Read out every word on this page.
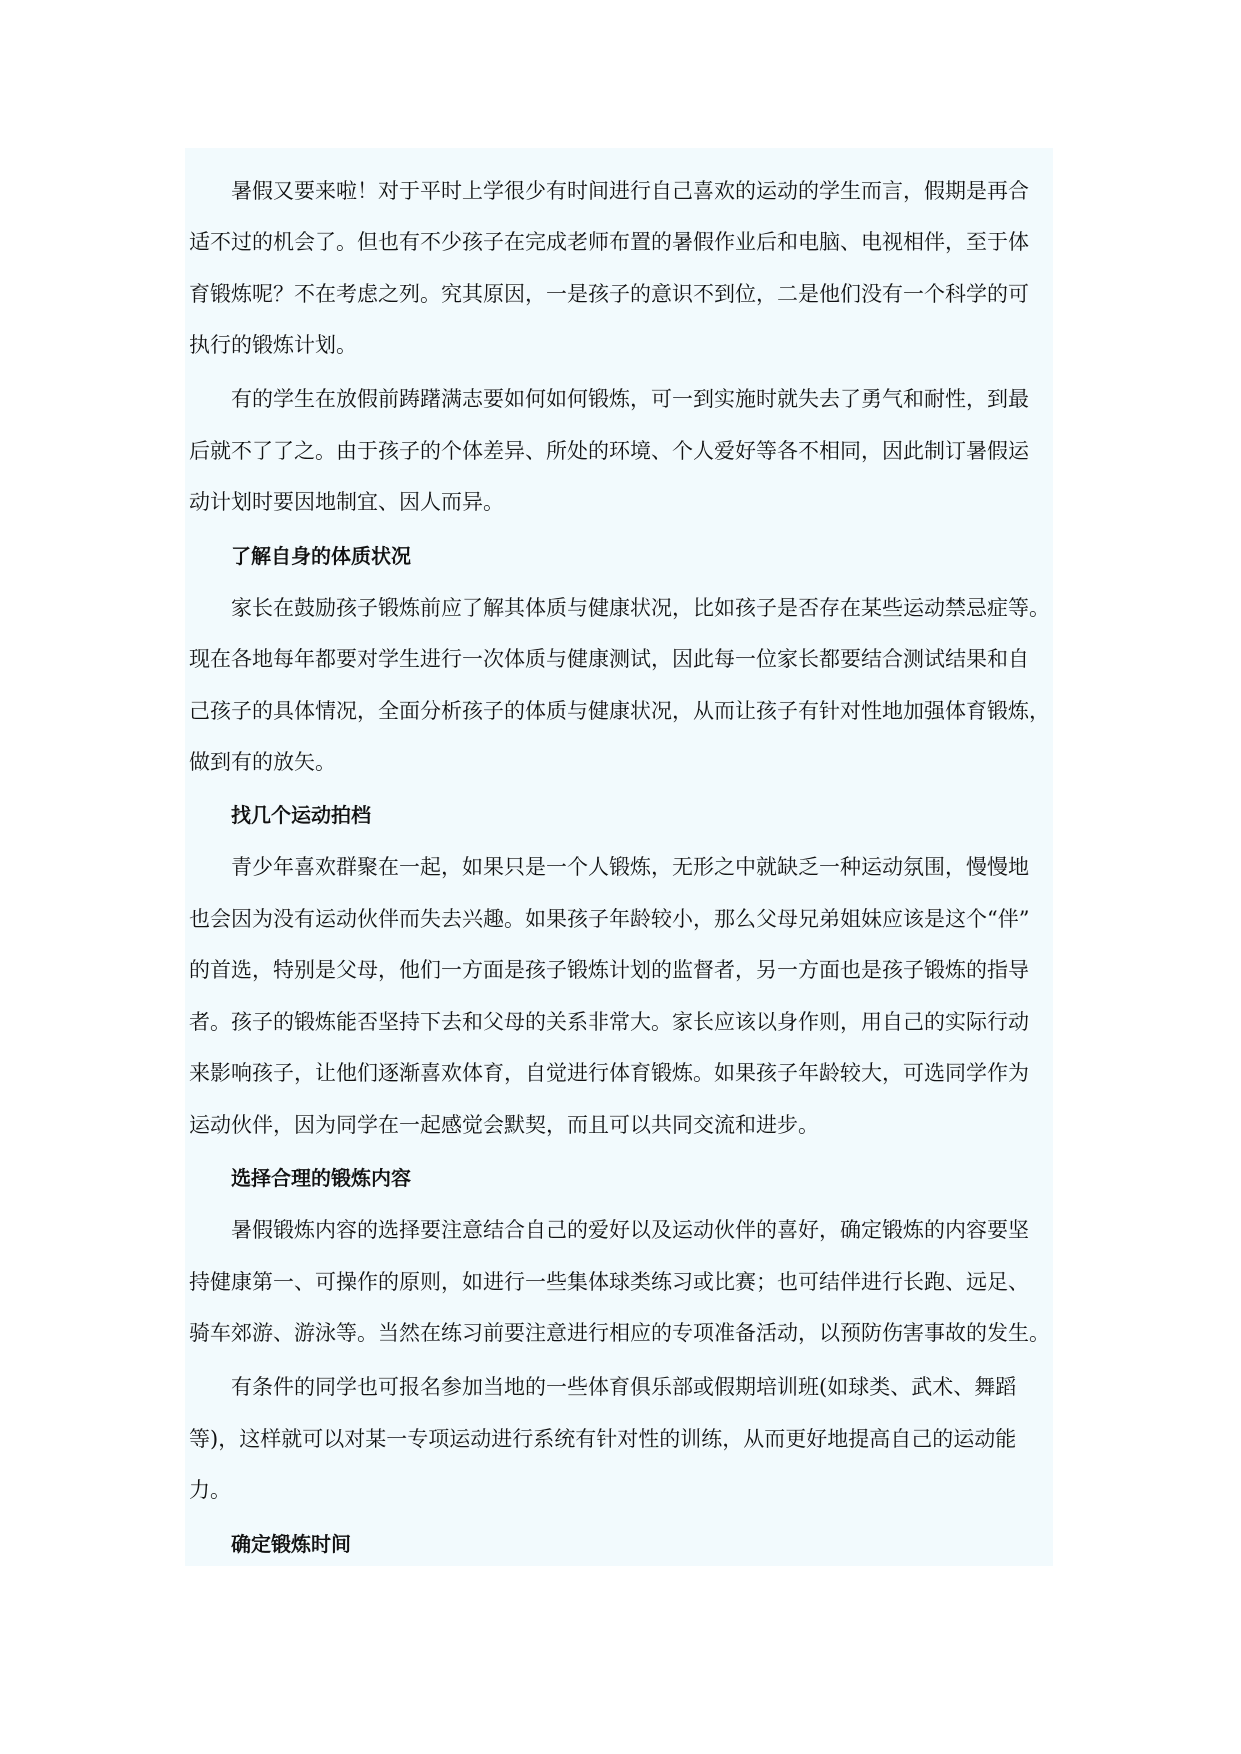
暑假又要来啦！对于平时上学很少有时间进行自己喜欢的运动的学生而言，假期是再合
适不过的机会了。但也有不少孩子在完成老师布置的暑假作业后和电脑、电视相伴，至于体
育锻炼呢？不在考虑之列。究其原因，一是孩子的意识不到位，二是他们没有一个科学的可
执行的锻炼计划。
有的学生在放假前踌躇满志要如何如何锻炼，可一到实施时就失去了勇气和耐性，到最
后就不了了之。由于孩子的个体差异、所处的环境、个人爱好等各不相同，因此制订暑假运
动计划时要因地制宜、因人而异。
了解自身的体质状况
家长在鼓励孩子锻炼前应了解其体质与健康状况，比如孩子是否存在某些运动禁忌症等。
现在各地每年都要对学生进行一次体质与健康测试，因此每一位家长都要结合测试结果和自
己孩子的具体情况，全面分析孩子的体质与健康状况，从而让孩子有针对性地加强体育锻炼，
做到有的放矢。
找几个运动拍档
青少年喜欢群聚在一起，如果只是一个人锻炼，无形之中就缺乏一种运动氛围，慢慢地
也会因为没有运动伙伴而失去兴趣。如果孩子年龄较小，那么父母兄弟姐妹应该是这个“伴”
的首选，特别是父母，他们一方面是孩子锻炼计划的监督者，另一方面也是孩子锻炼的指导
者。孩子的锻炼能否坚持下去和父母的关系非常大。家长应该以身作则，用自己的实际行动
来影响孩子，让他们逐渐喜欢体育，自觉进行体育锻炼。如果孩子年龄较大，可选同学作为
运动伙伴，因为同学在一起感觉会默契，而且可以共同交流和进步。
选择合理的锻炼内容
暑假锻炼内容的选择要注意结合自己的爱好以及运动伙伴的喜好，确定锻炼的内容要坚
持健康第一、可操作的原则，如进行一些集体球类练习或比赛；也可结伴进行长跑、远足、
骑车郊游、游泳等。当然在练习前要注意进行相应的专项准备活动，以预防伤害事故的发生。
有条件的同学也可报名参加当地的一些体育俱乐部或假期培训班(如球类、武术、舞蹈
等)，这样就可以对某一专项运动进行系统有针对性的训练，从而更好地提高自己的运动能
力。
确定锻炼时间
